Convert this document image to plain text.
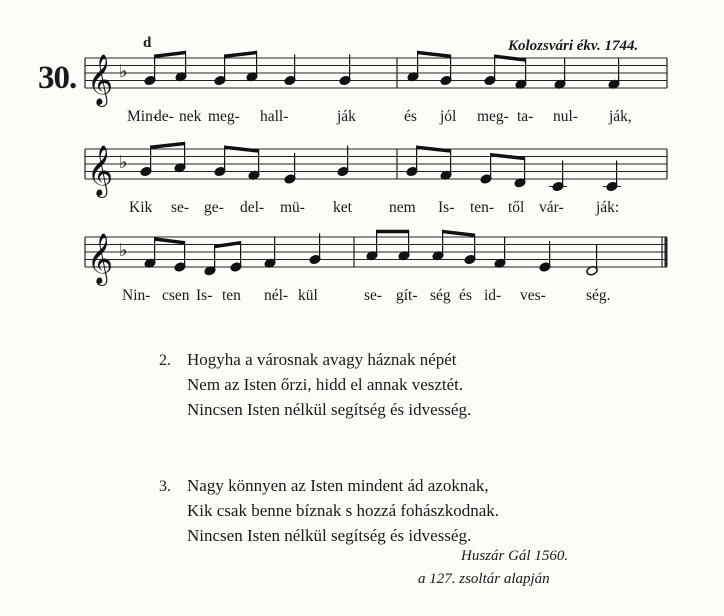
30.
d	Kolozsvári ékv. 1744.
𝄞 ♭
𝄞 ♭
𝄞 ♭
Min-
de- nek meg- hall-	ják	és jól meg- ta- nul- ják,
Kik se- ge- del- mü- ket nem Is- ten- től vár- ják:
Nin- csen Is- ten nél- kül	se- gít- ség és id- ves-	ség.
2. Hogyha a városnak avagy háznak népét
Nem az Isten őrzi, hidd el annak vesztét.
Nincsen Isten nélkül segítség és idvesség.
3. Nagy könnyen az Isten mindent ád azoknak,
Kik csak benne bíznak s hozzá fohászkodnak.
Nincsen Isten nélkül segítség és idvesség.
Huszár Gál 1560.
a 127. zsoltár alapján
